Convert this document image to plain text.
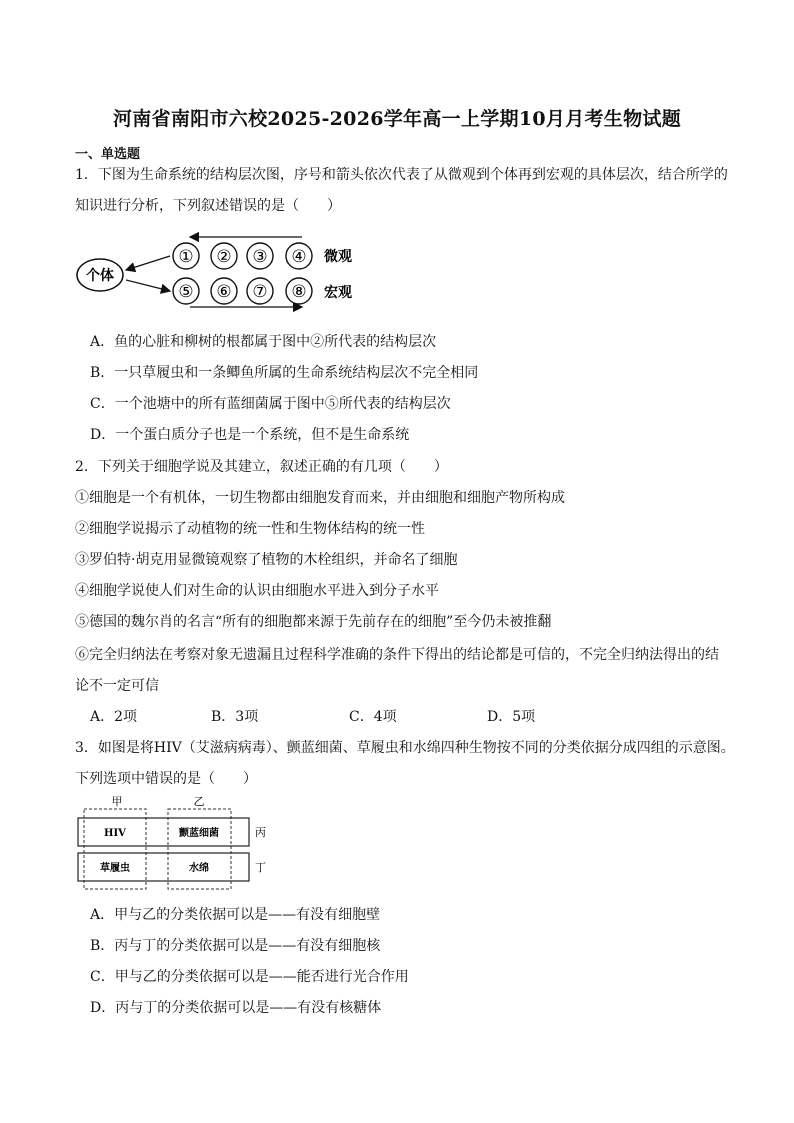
河南省南阳市六校2025-2026学年高一上学期10月月考生物试题
一、单选题
1．下图为生命系统的结构层次图，序号和箭头依次代表了从微观到个体再到宏观的具体层次，结合所学的
知识进行分析，下列叙述错误的是（　　）
个体
① ② ③ ④
⑤ ⑥ ⑦ ⑧
微观
宏观
A．鱼的心脏和柳树的根都属于图中②所代表的结构层次
B．一只草履虫和一条鲫鱼所属的生命系统结构层次不完全相同
C．一个池塘中的所有蓝细菌属于图中⑤所代表的结构层次
D．一个蛋白质分子也是一个系统，但不是生命系统
2．下列关于细胞学说及其建立，叙述正确的有几项（　　）
①细胞是一个有机体，一切生物都由细胞发育而来，并由细胞和细胞产物所构成
②细胞学说揭示了动植物的统一性和生物体结构的统一性
③罗伯特·胡克用显微镜观察了植物的木栓组织，并命名了细胞
④细胞学说使人们对生命的认识由细胞水平进入到分子水平
⑤德国的魏尔肖的名言“所有的细胞都来源于先前存在的细胞”至今仍未被推翻
⑥完全归纳法在考察对象无遗漏且过程科学准确的条件下得出的结论都是可信的，不完全归纳法得出的结
论不一定可信
A．2项	B．3项	C．4项	D．5项
3．如图是将HIV（艾滋病病毒）、颤蓝细菌、草履虫和水绵四种生物按不同的分类依据分成四组的示意图。
下列选项中错误的是（　　）
甲	乙
HIV	颤蓝细菌
草履虫	水绵
丙
丁
A．甲与乙的分类依据可以是——有没有细胞壁
B．丙与丁的分类依据可以是——有没有细胞核
C．甲与乙的分类依据可以是——能否进行光合作用
D．丙与丁的分类依据可以是——有没有核糖体
